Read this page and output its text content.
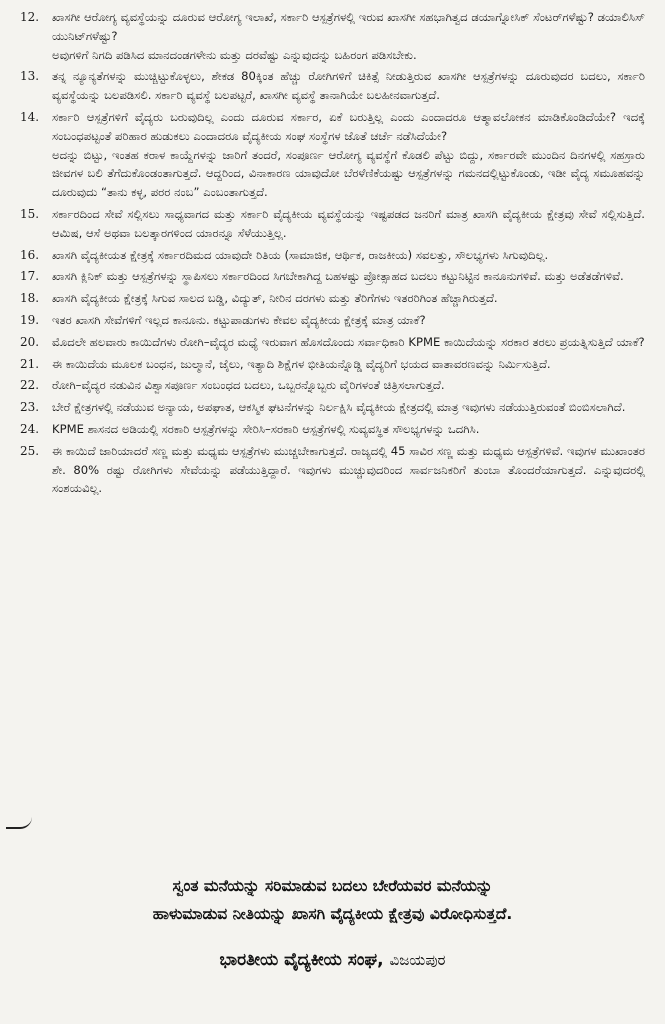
12.	ಖಾಸಗೀ ಆರೋಗ್ಯ ವ್ಯವಸ್ಥೆಯನ್ನು ದೂರುವ ಆರೋಗ್ಯ ಇಲಾಖೆ, ಸರ್ಕಾರಿ ಆಸ್ಪತ್ರೆಗಳಲ್ಲಿ ಇರುವ ಖಾಸಗೀ ಸಹಭಾಗಿತ್ವದ ಡಯಾಗ್ನೋಸಿಕ್ ಸೆಂಟರ್‌ಗಳೆಷ್ಟು? ಡಯಾಲಿಸಿಸ್ ಯುನಿಟ್‌ಗಳೆಷ್ಟು?
ಅವುಗಳಿಗೆ ನಿಗದಿ ಪಡಿಸಿದ ಮಾನದಂಡಗಳೇನು ಮತ್ತು ದರವೆಷ್ಟು ಎನ್ನುವುದನ್ನು ಬಹಿರಂಗ ಪಡಿಸಬೇಕು.
13.	ತನ್ನ ನ್ಯೂನ್ಯತೆಗಳನ್ನು ಮುಚ್ಚಿಟ್ಟುಕೊಳ್ಳಲು, ಶೇಕಡ 80ಕ್ಕಿಂತ ಹೆಚ್ಚು ರೋಗಿಗಳಿಗೆ ಚಿಕಿತ್ಸೆ ನೀಡುತ್ತಿರುವ ಖಾಸಗೀ ಆಸ್ಪತ್ರೆಗಳನ್ನು ದೂರುವುದರ ಬದಲು, ಸರ್ಕಾರಿ ವ್ಯವಸ್ಥೆಯನ್ನು ಬಲಪಡಿಸಲಿ. ಸರ್ಕಾರಿ ವ್ಯವಸ್ಥೆ ಬಲಪಟ್ಟರೆ, ಖಾಸಗೀ ವ್ಯವಸ್ಥೆ ತಾನಾಗಿಯೇ ಬಲಹೀನವಾಗುತ್ತದೆ.
14.	ಸರ್ಕಾರಿ ಆಸ್ಪತ್ರೆಗಳಿಗೆ ವೈದ್ಯರು ಬರುವುದಿಲ್ಲ ಎಂದು ದೂರುವ ಸರ್ಕಾರ, ಏಕೆ ಬರುತ್ತಿಲ್ಲ ಎಂದು ಎಂದಾದರೂ ಆತ್ಮಾವಲೋಕನ ಮಾಡಿಕೊಂಡಿದೆಯೇ? ಇದಕ್ಕೆ ಸಂಬಂಧಪಟ್ಟಂತೆ ಪರಿಹಾರ ಹುಡುಕಲು ಎಂದಾದರೂ ವೈದ್ಯಕೀಯ ಸಂಘ ಸಂಸ್ಥೆಗಳ ಜೊತೆ ಚರ್ಚೆ ನಡೆಸಿದೆಯೇ?
ಅದನ್ನು ಬಿಟ್ಟು, ಇಂತಹ ಕರಾಳ ಕಾಯ್ದೆಗಳನ್ನು ಜಾರಿಗೆ ತಂದರೆ, ಸಂಪೂರ್ಣ ಆರೋಗ್ಯ ವ್ಯವಸ್ಥೆಗೆ ಕೊಡಲಿ ಪೆಟ್ಟು ಬಿದ್ದು, ಸರ್ಕಾರವೇ ಮುಂದಿನ ದಿನಗಳಲ್ಲಿ ಸಹಸ್ರಾರು ಜೀವಗಳ ಬಲಿ ತೆಗೆದುಕೊಂಡಂತಾಗುತ್ತದೆ. ಆದ್ದರಿಂದ, ವಿನಾಕಾರಣ ಯಾವುದೋ ಬೆರಳೆಣಿಕೆಯಷ್ಟು ಆಸ್ಪತ್ರೆಗಳನ್ನು ಗಮನದಲ್ಲಿಟ್ಟುಕೊಂಡು, ಇಡೀ ವೈದ್ಯ ಸಮೂಹವನ್ನು ದೂರುವುದು “ತಾನು ಕಳ್ಳ, ಪರರ ನಂಬ” ಎಂಬಂತಾಗುತ್ತದೆ.
15.	ಸರ್ಕಾರದಿಂದ ಸೇವೆ ಸಲ್ಲಿಸಲು ಸಾಧ್ಯವಾಗದ ಮತ್ತು ಸರ್ಕಾರಿ ವೈದ್ಯಕೀಯ ವ್ಯವಸ್ಥೆಯನ್ನು ಇಷ್ಟಪಡದ ಜನರಿಗೆ ಮಾತ್ರ ಖಾಸಗಿ ವೈದ್ಯಕೀಯ ಕ್ಷೇತ್ರವು ಸೇವೆ ಸಲ್ಲಿಸುತ್ತಿದೆ. ಆಮಿಷ, ಆಸೆ ಅಥವಾ ಬಲತ್ಕಾರಗಳಿಂದ ಯಾರನ್ನೂ ಸೆಳೆಯುತ್ತಿಲ್ಲ.
16.	ಖಾಸಗಿ ವೈದ್ಯಕೀಯತ ಕ್ಷೇತ್ರಕ್ಕೆ ಸರ್ಕಾರದಿಮದ ಯಾವುದೇ ರಿತಿಯ (ಸಾಮಾಜಿಕ, ಆರ್ಥಿಕ, ರಾಜಕೀಯ) ಸವಲತ್ತು, ಸೌಲಭ್ಯಗಳು ಸಿಗುವುದಿಲ್ಲ.
17.	ಖಾಸಗಿ ಕ್ಲಿನಿಕ್ ಮತ್ತು ಆಸ್ಪತ್ರೆಗಳನ್ನು ಸ್ಥಾಪಿಸಲು ಸರ್ಕಾರದಿಂದ ಸಿಗಬೇಕಾಗಿದ್ದ ಬಹಳಷ್ಟು ಪ್ರೋತ್ಸಾಹದ ಬದಲು ಕಟ್ಟುನಿಟ್ಟಿನ ಕಾನೂನುಗಳಿವೆ. ಮತ್ತು ಅಡೆತಡೆಗಳಿವೆ.
18.	ಖಾಸಗಿ ವೈದ್ಯಕೀಯ ಕ್ಷೇತ್ರಕ್ಕೆ ಸಿಗುವ ಸಾಲದ ಬಡ್ಡಿ, ವಿದ್ಯುತ್, ನೀರಿನ ದರಗಳು ಮತ್ತು ತೆರಿಗೆಗಳು ಇತರರಿಗಿಂತ ಹೆಚ್ಚಾಗಿರುತ್ತದೆ.
19.	ಇತರ ಖಾಸಗಿ ಸೇವೆಗಳಿಗೆ ಇಲ್ಲದ ಕಾನೂನು. ಕಟ್ಟುಪಾಡುಗಳು ಕೇವಲ ವೈದ್ಯಕೀಯ ಕ್ಷೇತ್ರಕ್ಕೆ ಮಾತ್ರ ಯಾಕೆ?
20.	ಮೊದಲೇ ಹಲವಾರು ಕಾಯಿದೆಗಳು ರೋಗಿ–ವೈದ್ಯರ ಮಧ್ಯೆ ಇರುವಾಗ ಹೊಸದೊಂದು ಸರ್ವಾಧಿಕಾರಿ KPME ಕಾಯಿದೆಯನ್ನು ಸರಕಾರ ತರಲು ಪ್ರಯತ್ನಿಸುತ್ತಿದೆ ಯಾಕೆ?
21.	ಈ ಕಾಯಿದೆಯ ಮೂಲಕ ಬಂಧನ, ಜುಲ್ಮಾನೆ, ಜೈಲು, ಇತ್ಯಾದಿ ಶಿಕ್ಷೆಗಳ ಭೀತಿಯನ್ನೊಡ್ಡಿ ವೈದ್ಯರಿಗೆ ಭಯದ ವಾತಾವರಣವನ್ನು ನಿರ್ಮಿಸುತ್ತಿದೆ.
22.	ರೋಗಿ–ವೈದ್ಯರ ನಡುವಿನ ವಿಶ್ವಾಸಪೂರ್ಣ ಸಂಬಂಧದ ಬದಲು, ಒಬ್ಬರನ್ನೊಬ್ಬರು ವೈರಿಗಳಂತೆ ಚಿತ್ರಿಸಲಾಗುತ್ತದೆ.
23.	ಬೇರೆ ಕ್ಷೇತ್ರಗಳಲ್ಲಿ ನಡೆಯುವ ಅನ್ಯಾಯ, ಅಪಘಾತ, ಆಕಸ್ಮಿಕ ಘಟನೆಗಳನ್ನು ನಿರ್ಲಕ್ಷಿಸಿ ವೈದ್ಯಕೀಯ ಕ್ಷೇತ್ರದಲ್ಲಿ ಮಾತ್ರ ಇವುಗಳು ನಡೆಯುತ್ತಿರುವಂತೆ ಬಿಂಬಿಸಲಾಗಿದೆ.
24.	KPME ಶಾಸನದ ಅಡಿಯಲ್ಲಿ ಸರಕಾರಿ ಆಸ್ಪತ್ರೆಗಳನ್ನು ಸೇರಿಸಿ–ಸರಕಾರಿ ಆಸ್ಪತ್ರೆಗಳಲ್ಲಿ ಸುವ್ಯವಸ್ಥಿತ ಸೌಲಭ್ಯಗಳನ್ನು ಒದಗಿಸಿ.
25.	ಈ ಕಾಯಿದೆ ಜಾರಿಯಾದರೆ ಸಣ್ಣ ಮತ್ತು ಮಧ್ಯಮ ಆಸ್ಪತ್ರೆಗಳು ಮುಚ್ಚಬೇಕಾಗುತ್ತದೆ. ರಾಜ್ಯದಲ್ಲಿ 45 ಸಾವಿರ ಸಣ್ಣ ಮತ್ತು ಮಧ್ಯಮ ಆಸ್ಪತ್ರೆಗಳಿವೆ. ಇವುಗಳ ಮುಖಾಂತರ ಶೇ. 80% ರಷ್ಟು ರೋಗಿಗಳು ಸೇವೆಯನ್ನು ಪಡೆಯುತ್ತಿದ್ದಾರೆ. ಇವುಗಳು ಮುಚ್ಚುವುದರಿಂದ ಸಾರ್ವಜನಿಕರಿಗೆ ತುಂಬಾ ತೊಂದರೆಯಾಗುತ್ತದೆ. ಎನ್ನುವುದರಲ್ಲಿ ಸಂಶಯವಿಲ್ಲ.
ಸ್ವಂತ ಮನೆಯನ್ನು ಸರಿಮಾಡುವ ಬದಲು ಬೇರೆಯವರ ಮನೆಯನ್ನು
ಹಾಳುಮಾಡುವ ನೀತಿಯನ್ನು ಖಾಸಗಿ ವೈದ್ಯಕೀಯ ಕ್ಷೇತ್ರವು ವಿರೋಧಿಸುತ್ತದೆ.
ಭಾರತೀಯ ವೈದ್ಯಕೀಯ ಸಂಘ, ವಿಜಯಪುರ
